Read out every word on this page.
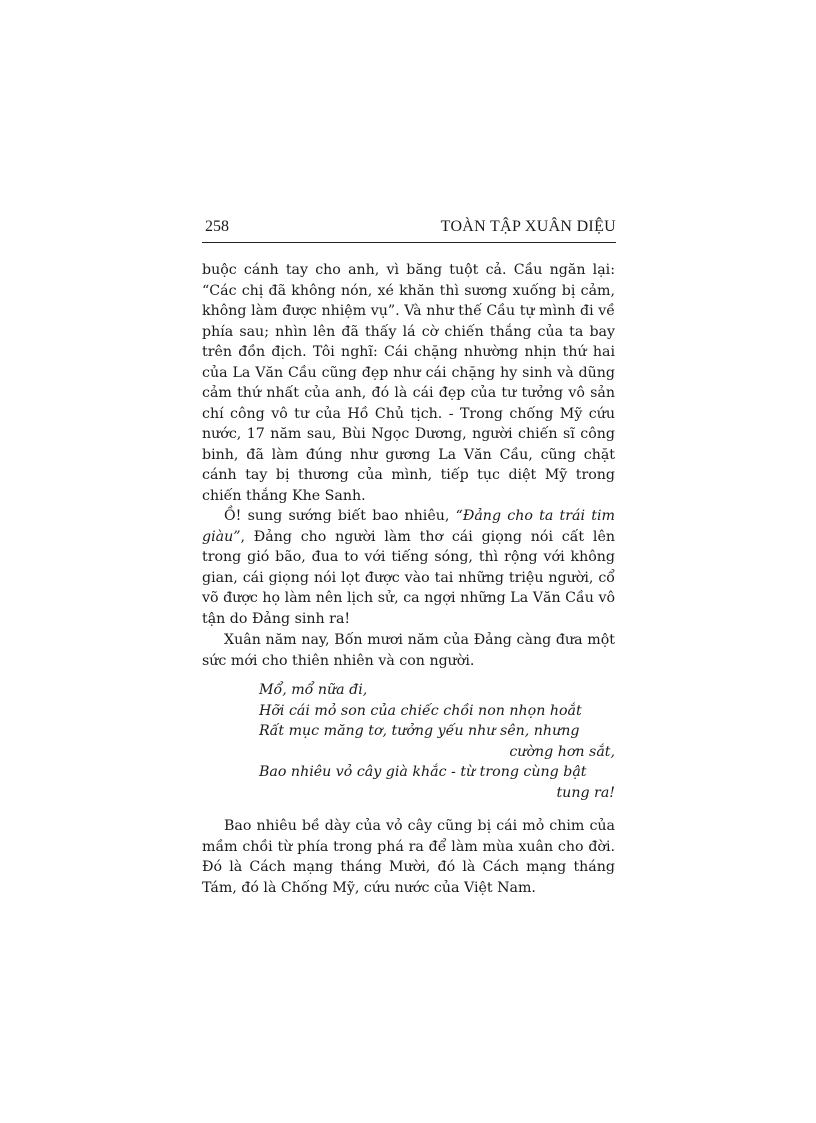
258	TOÀN TẬP XUÂN DIỆU

buộc cánh tay cho anh, vì băng tuột cả. Cầu ngăn lại: “Các chị đã không nón, xé khăn thì sương xuống bị cảm, không làm được nhiệm vụ”. Và như thế Cầu tự mình đi về phía sau; nhìn lên đã thấy lá cờ chiến thắng của ta bay trên đồn địch. Tôi nghĩ: Cái chặng nhường nhịn thứ hai của La Văn Cầu cũng đẹp như cái chặng hy sinh và dũng cảm thứ nhất của anh, đó là cái đẹp của tư tưởng vô sản chí công vô tư của Hồ Chủ tịch. - Trong chống Mỹ cứu nước, 17 năm sau, Bùi Ngọc Dương, người chiến sĩ công binh, đã làm đúng như gương La Văn Cầu, cũng chặt cánh tay bị thương của mình, tiếp tục diệt Mỹ trong chiến thắng Khe Sanh.

Ồ! sung sướng biết bao nhiêu, “Đảng cho ta trái tim giàu”, Đảng cho người làm thơ cái giọng nói cất lên trong gió bão, đua to với tiếng sóng, thì rộng với không gian, cái giọng nói lọt được vào tai những triệu người, cổ võ được họ làm nên lịch sử, ca ngợi những La Văn Cầu vô tận do Đảng sinh ra!

Xuân năm nay, Bốn mươi năm của Đảng càng đưa một sức mới cho thiên nhiên và con người.

Mổ, mổ nữa đi,
Hỡi cái mỏ son của chiếc chồi non nhọn hoắt
Rất mục măng tơ, tưởng yếu như sên, nhưng
cường hơn sắt,
Bao nhiêu vỏ cây già khắc - từ trong cùng bật
tung ra!

Bao nhiêu bề dày của vỏ cây cũng bị cái mỏ chim của mầm chồi từ phía trong phá ra để làm mùa xuân cho đời. Đó là Cách mạng tháng Mười, đó là Cách mạng tháng Tám, đó là Chống Mỹ, cứu nước của Việt Nam.
